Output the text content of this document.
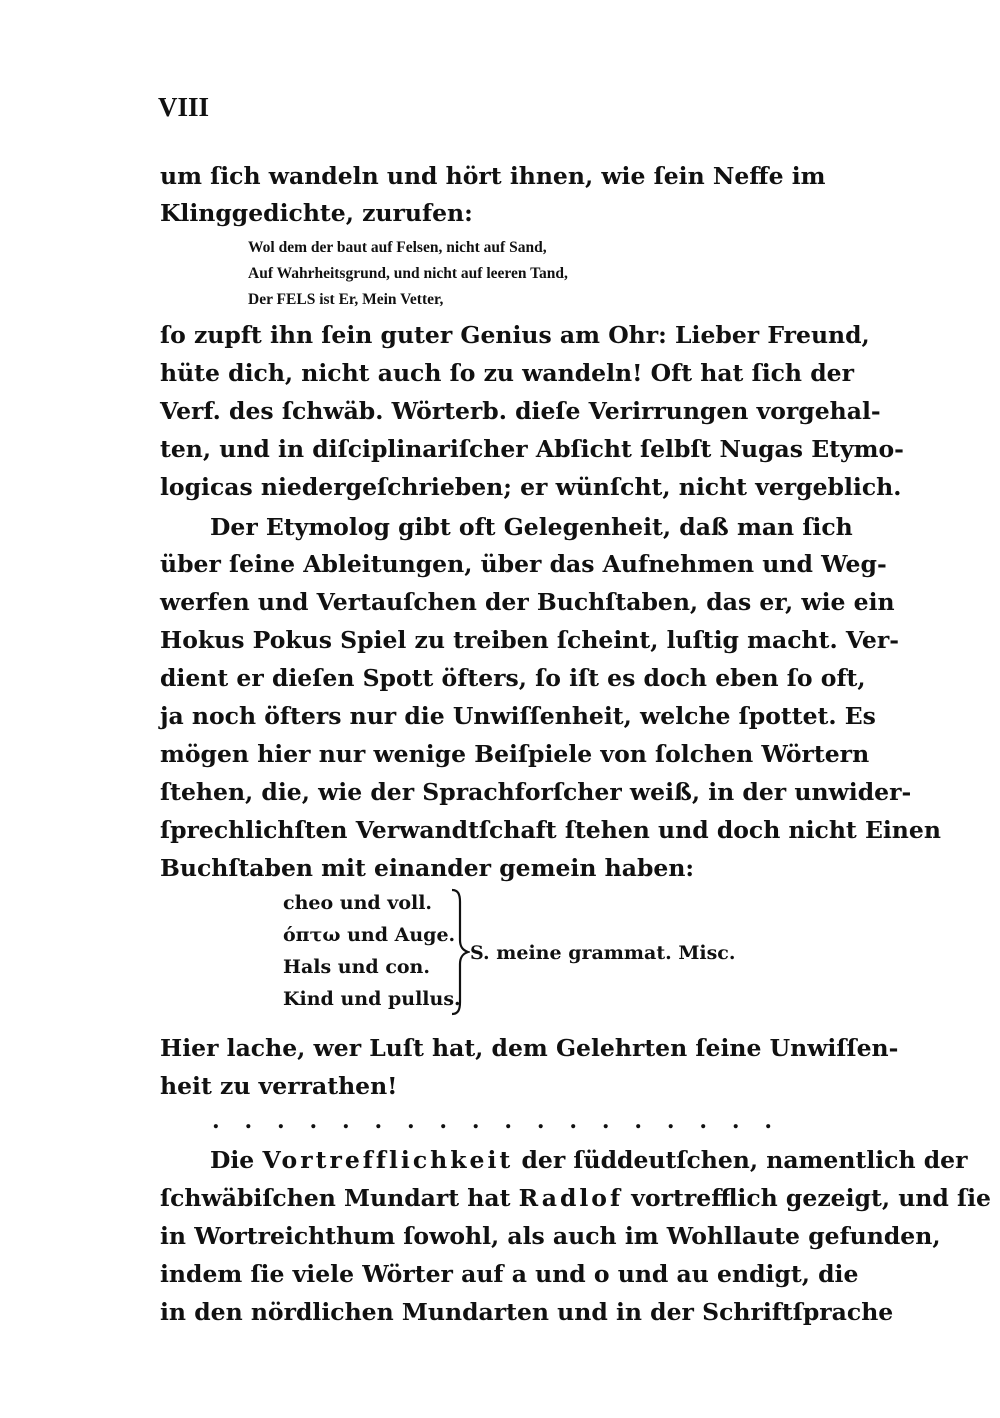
VIII
um ſich wandeln und hört ihnen, wie ſein Neffe im
Klinggedichte, zurufen:
Wol dem der baut auf Felsen, nicht auf Sand,
Auf Wahrheitsgrund, und nicht auf leeren Tand,
Der FELS ist Er, Mein Vetter,
ſo zupft ihn ſein guter Genius am Ohr: Lieber Freund,
hüte dich, nicht auch ſo zu wandeln! Oft hat ſich der
Verf. des ſchwäb. Wörterb. dieſe Verirrungen vorgehal-
ten, und in diſciplinariſcher Abſicht ſelbſt Nugas Etymo-
logicas niedergeſchrieben; er wünſcht, nicht vergeblich.
Der Etymolog gibt oft Gelegenheit, daß man ſich
über ſeine Ableitungen, über das Aufnehmen und Weg-
werfen und Vertauſchen der Buchſtaben, das er, wie ein
Hokus Pokus Spiel zu treiben ſcheint, luſtig macht. Ver-
dient er dieſen Spott öfters, ſo iſt es doch eben ſo oft,
ja noch öfters nur die Unwiſſenheit, welche ſpottet. Es
mögen hier nur wenige Beiſpiele von ſolchen Wörtern
ſtehen, die, wie der Sprachforſcher weiß, in der unwider-
ſprechlichſten Verwandtſchaft ſtehen und doch nicht Einen
Buchſtaben mit einander gemein haben:
cheo und voll.
όπτω und Auge.
Hals und con.
Kind und pullus.
S. meine grammat. Misc.
Hier lache, wer Luſt hat, dem Gelehrten ſeine Unwiſſen-
heit zu verrathen!
. . . . . . . . . . . . . . . . . .
Die Vortrefflichkeit der ſüddeutſchen, namentlich der
ſchwäbiſchen Mundart hat Radlof vortrefflich gezeigt, und ſie
in Wortreichthum ſowohl, als auch im Wohllaute gefunden,
indem ſie viele Wörter auf a und o und au endigt, die
in den nördlichen Mundarten und in der Schriftſprache
